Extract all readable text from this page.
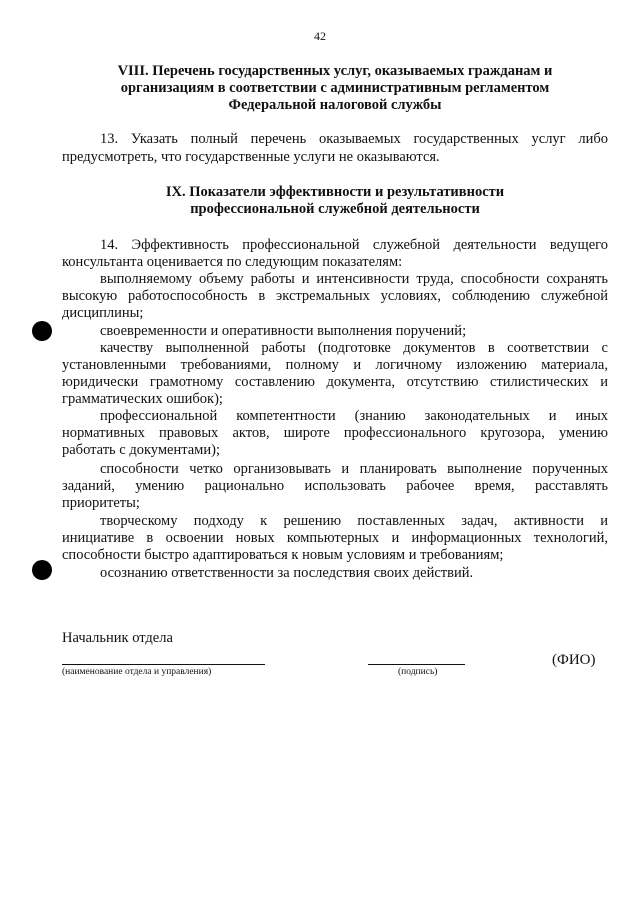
42
VIII. Перечень государственных услуг, оказываемых гражданам и
организациям в соответствии с административным регламентом
Федеральной налоговой службы
13. Указать полный перечень оказываемых государственных услуг либо
предусмотреть, что государственные услуги не оказываются.
IX. Показатели эффективности и результативности
профессиональной служебной деятельности
14. Эффективность профессиональной служебной деятельности ведущего
консультанта оценивается по следующим показателям:
выполняемому объему работы и интенсивности труда, способности сохранять
высокую работоспособность в экстремальных условиях, соблюдению служебной
дисциплины;
своевременности и оперативности выполнения поручений;
качеству выполненной работы (подготовке документов в соответствии с
установленными требованиями, полному и логичному изложению материала,
юридически грамотному составлению документа, отсутствию стилистических и
грамматических ошибок);
профессиональной компетентности (знанию законодательных и иных
нормативных правовых актов, широте профессионального кругозора, умению
работать с документами);
способности четко организовывать и планировать выполнение порученных
заданий, умению рационально использовать рабочее время, расставлять
приоритеты;
творческому подходу к решению поставленных задач, активности и
инициативе в освоении новых компьютерных и информационных технологий,
способности быстро адаптироваться к новым условиям и требованиям;
осознанию ответственности за последствия своих действий.
Начальник отдела
(наименование отдела и управления)	(подпись)
(ФИО)
